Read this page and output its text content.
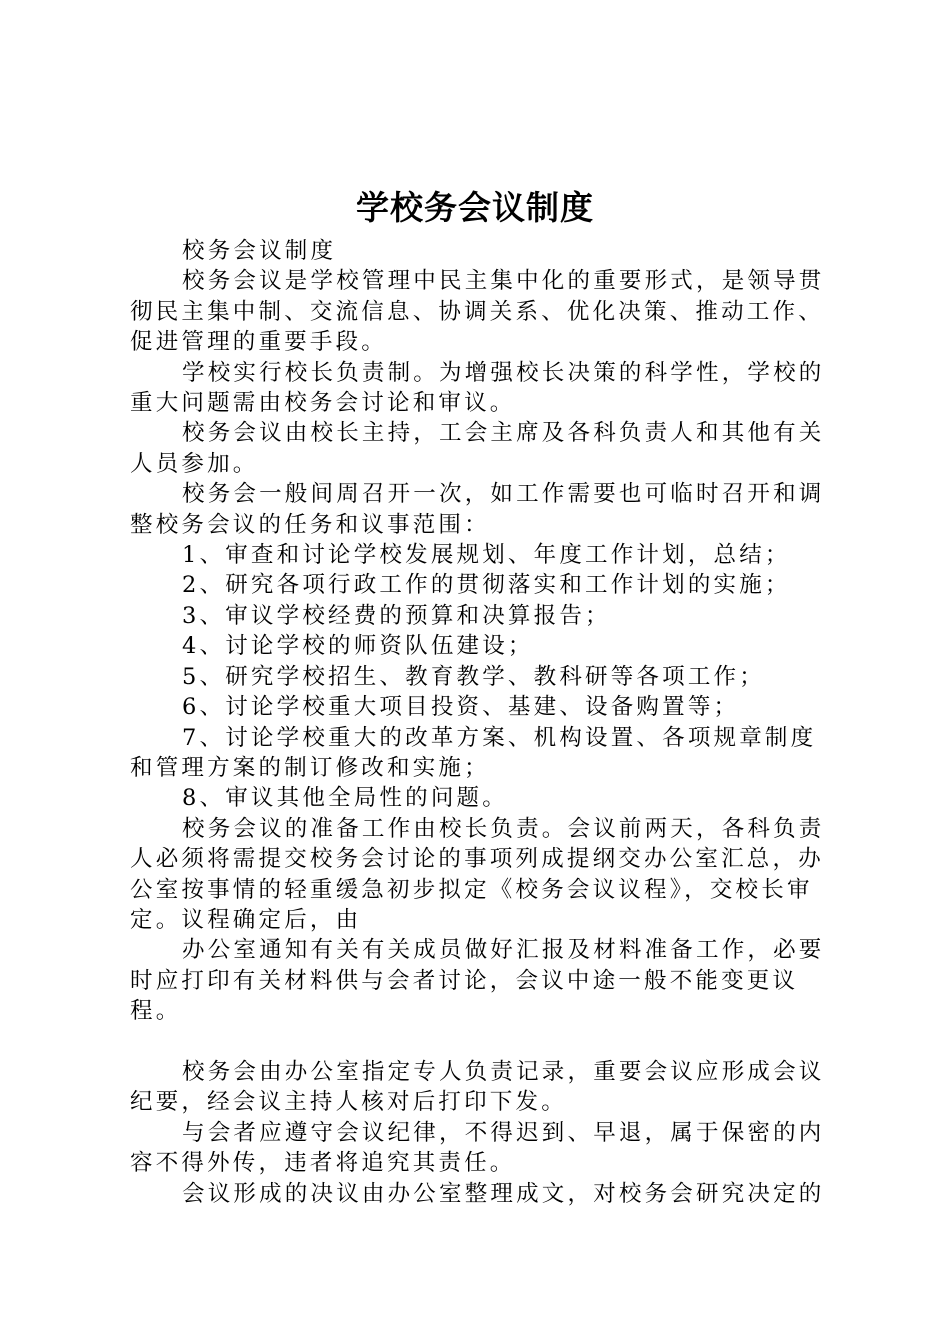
学校务会议制度

校务会议制度

校务会议是学校管理中民主集中化的重要形式，是领导贯彻民主集中制、交流信息、协调关系、优化决策、推动工作、促进管理的重要手段。

学校实行校长负责制。为增强校长决策的科学性，学校的重大问题需由校务会讨论和审议。

校务会议由校长主持，工会主席及各科负责人和其他有关人员参加。

校务会一般间周召开一次，如工作需要也可临时召开和调整校务会议的任务和议事范围：

1、审查和讨论学校发展规划、年度工作计划，总结；

2、研究各项行政工作的贯彻落实和工作计划的实施；

3、审议学校经费的预算和决算报告；

4、讨论学校的师资队伍建设；

5、研究学校招生、教育教学、教科研等各项工作；

6、讨论学校重大项目投资、基建、设备购置等；

7、讨论学校重大的改革方案、机构设置、各项规章制度和管理方案的制订修改和实施；

8、审议其他全局性的问题。

校务会议的准备工作由校长负责。会议前两天，各科负责人必须将需提交校务会讨论的事项列成提纲交办公室汇总，办公室按事情的轻重缓急初步拟定《校务会议议程》，交校长审定。议程确定后，由

办公室通知有关有关成员做好汇报及材料准备工作，必要时应打印有关材料供与会者讨论，会议中途一般不能变更议程。

校务会由办公室指定专人负责记录，重要会议应形成会议纪要，经会议主持人核对后打印下发。

与会者应遵守会议纪律，不得迟到、早退，属于保密的内容不得外传，违者将追究其责任。

会议形成的决议由办公室整理成文，对校务会研究决定的
